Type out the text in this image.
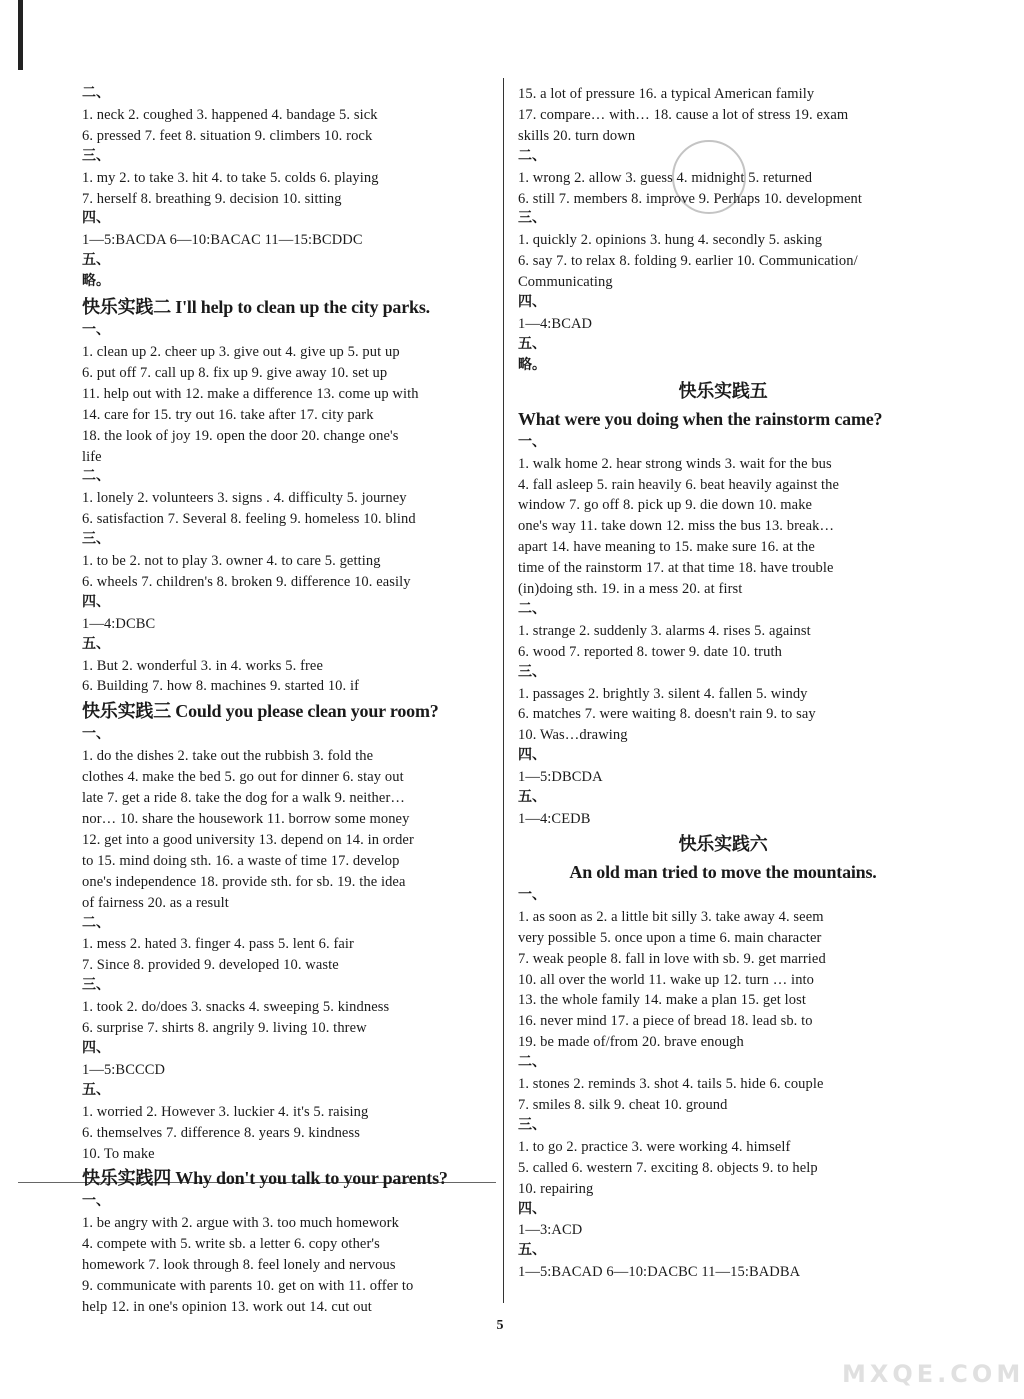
二、
1. neck 2. coughed 3. happened 4. bandage 5. sick
6. pressed 7. feet 8. situation 9. climbers 10. rock
三、
1. my 2. to take 3. hit 4. to take 5. colds 6. playing
7. herself 8. breathing 9. decision 10. sitting
四、
1—5:BACDA 6—10:BACAC 11—15:BCDDC
五、
略。
快乐实践二 I'll help to clean up the city parks.
一、
1. clean up 2. cheer up 3. give out 4. give up 5. put up
6. put off 7. call up 8. fix up 9. give away 10. set up
11. help out with 12. make a difference 13. come up with
14. care for 15. try out 16. take after 17. city park
18. the look of joy 19. open the door 20. change one's
life
二、
1. lonely 2. volunteers 3. signs . 4. difficulty 5. journey
6. satisfaction 7. Several 8. feeling 9. homeless 10. blind
三、
1. to be 2. not to play 3. owner 4. to care 5. getting
6. wheels 7. children's 8. broken 9. difference 10. easily
四、
1—4:DCBC
五、
1. But 2. wonderful 3. in 4. works 5. free
6. Building 7. how 8. machines 9. started 10. if
快乐实践三 Could you please clean your room?
一、
1. do the dishes 2. take out the rubbish 3. fold the
clothes 4. make the bed 5. go out for dinner 6. stay out
late 7. get a ride 8. take the dog for a walk 9. neither…
nor… 10. share the housework 11. borrow some money
12. get into a good university 13. depend on 14. in order
to 15. mind doing sth. 16. a waste of time 17. develop
one's independence 18. provide sth. for sb. 19. the idea
of fairness 20. as a result
二、
1. mess 2. hated 3. finger 4. pass 5. lent 6. fair
7. Since 8. provided 9. developed 10. waste
三、
1. took 2. do/does 3. snacks 4. sweeping 5. kindness
6. surprise 7. shirts 8. angrily 9. living 10. threw
四、
1—5:BCCCD
五、
1. worried 2. However 3. luckier 4. it's 5. raising
6. themselves 7. difference 8. years 9. kindness
10. To make
快乐实践四 Why don't you talk to your parents?
一、
1. be angry with 2. argue with 3. too much homework
4. compete with 5. write sb. a letter 6. copy other's
homework 7. look through 8. feel lonely and nervous
9. communicate with parents 10. get on with 11. offer to
help 12. in one's opinion 13. work out 14. cut out
15. a lot of pressure 16. a typical American family
17. compare… with… 18. cause a lot of stress 19. exam
skills 20. turn down
二、
1. wrong 2. allow 3. guess 4. midnight 5. returned
6. still 7. members 8. improve 9. Perhaps 10. development
三、
1. quickly 2. opinions 3. hung 4. secondly 5. asking
6. say 7. to relax 8. folding 9. earlier 10. Communication/
Communicating
四、
1—4:BCAD
五、
略。
快乐实践五
What were you doing when the rainstorm came?
一、
1. walk home 2. hear strong winds 3. wait for the bus
4. fall asleep 5. rain heavily 6. beat heavily against the
window 7. go off 8. pick up 9. die down 10. make
one's way 11. take down 12. miss the bus 13. break…
apart 14. have meaning to 15. make sure 16. at the
time of the rainstorm 17. at that time 18. have trouble
(in)doing sth. 19. in a mess 20. at first
二、
1. strange 2. suddenly 3. alarms 4. rises 5. against
6. wood 7. reported 8. tower 9. date 10. truth
三、
1. passages 2. brightly 3. silent 4. fallen 5. windy
6. matches 7. were waiting 8. doesn't rain 9. to say
10. Was…drawing
四、
1—5:DBCDA
五、
1—4:CEDB
快乐实践六
An old man tried to move the mountains.
一、
1. as soon as 2. a little bit silly 3. take away 4. seem
very possible 5. once upon a time 6. main character
7. weak people 8. fall in love with sb. 9. get married
10. all over the world 11. wake up 12. turn … into
13. the whole family 14. make a plan 15. get lost
16. never mind 17. a piece of bread 18. lead sb. to
19. be made of/from 20. brave enough
二、
1. stones 2. reminds 3. shot 4. tails 5. hide 6. couple
7. smiles 8. silk 9. cheat 10. ground
三、
1. to go 2. practice 3. were working 4. himself
5. called 6. western 7. exciting 8. objects 9. to help
10. repairing
四、
1—3:ACD
五、
1—5:BACAD 6—10:DACBC 11—15:BADBA
5
MXQE.COM
